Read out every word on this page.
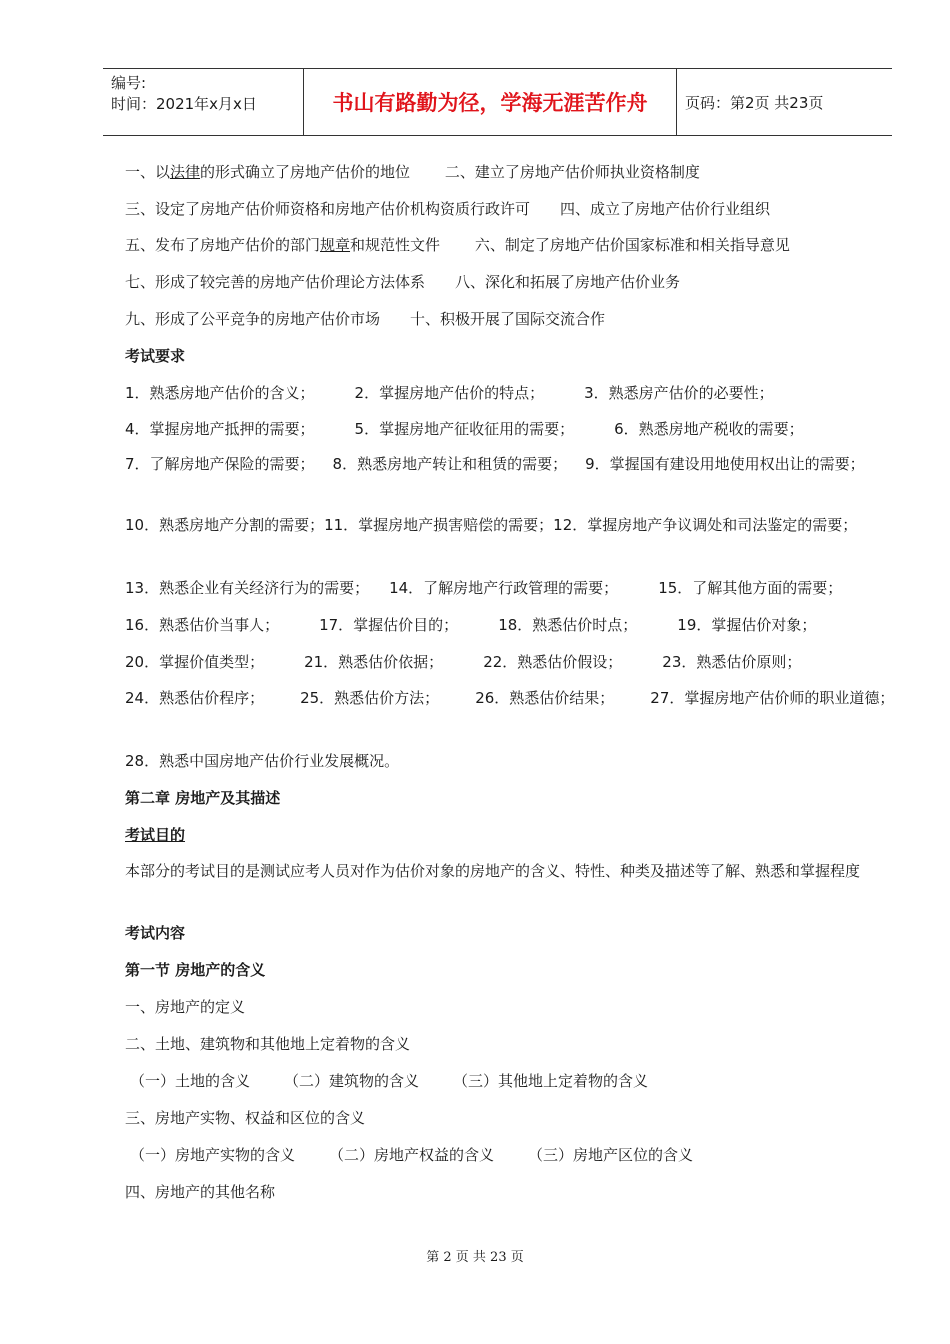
编号:
时间：2021年x月x日	书山有路勤为径，学海无涯苦作舟	页码：第2页 共23页
一、以法律的形式确立了房地产估价的地位 二、建立了房地产估价师执业资格制度
三、设定了房地产估价师资格和房地产估价机构资质行政许可 四、成立了房地产估价行业组织
五、发布了房地产估价的部门规章和规范性文件 六、制定了房地产估价国家标准和相关指导意见
七、形成了较完善的房地产估价理论方法体系 八、深化和拓展了房地产估价业务
九、形成了公平竞争的房地产估价市场 十、积极开展了国际交流合作
考试要求
1．熟悉房地产估价的含义；	2．掌握房地产估价的特点；	3．熟悉房产估价的必要性；
4．掌握房地产抵押的需要；	5．掌握房地产征收征用的需要；	6．熟悉房地产税收的需要；
7．了解房地产保险的需要； 8．熟悉房地产转让和租赁的需要； 9．掌握国有建设用地使用权出让的需要；
10．熟悉房地产分割的需要；11．掌握房地产损害赔偿的需要；12．掌握房地产争议调处和司法鉴定的需要；
13．熟悉企业有关经济行为的需要； 14．了解房地产行政管理的需要；	15．了解其他方面的需要；
16．熟悉估价当事人；	17．掌握估价目的；	18．熟悉估价时点；	19．掌握估价对象；
20．掌握价值类型；	21．熟悉估价依据；	22．熟悉估价假设；	23．熟悉估价原则；
24．熟悉估价程序； 25．熟悉估价方法； 26．熟悉估价结果； 27．掌握房地产估价师的职业道德；
28．熟悉中国房地产估价行业发展概况。
第二章 房地产及其描述
考试目的
本部分的考试目的是测试应考人员对作为估价对象的房地产的含义、特性、种类及描述等了解、熟悉和掌握程度
考试内容
第一节 房地产的含义
一、房地产的定义
二、土地、建筑物和其他地上定着物的含义
（一）土地的含义 （二）建筑物的含义 （三）其他地上定着物的含义
三、房地产实物、权益和区位的含义
（一）房地产实物的含义 （二）房地产权益的含义 （三）房地产区位的含义
四、房地产的其他名称
第 2 页 共 23 页
